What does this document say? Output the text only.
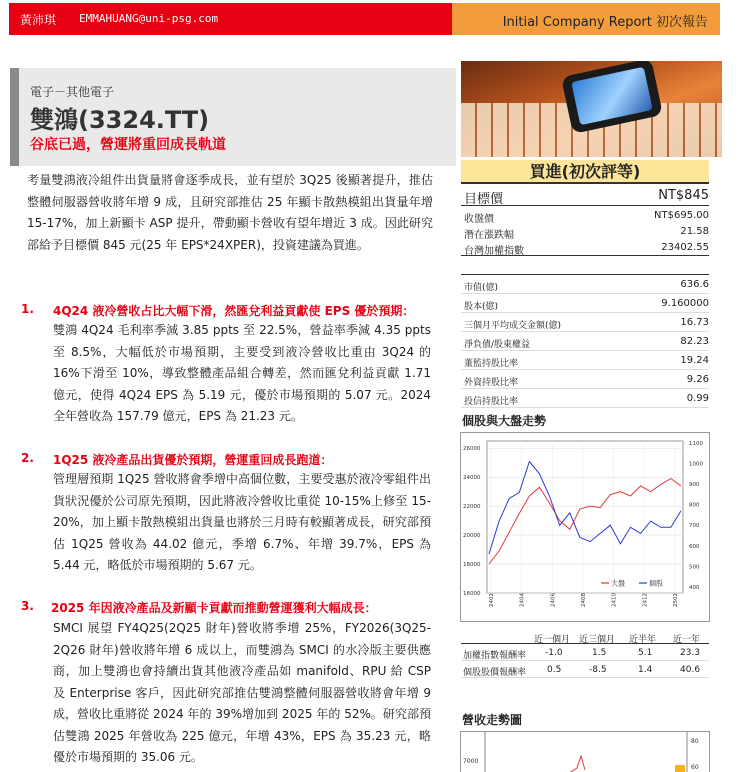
黃沛琪 EMMAHUANG@uni-psg.com	Initial Company Report 初次報告
電子－其他電子
雙鴻(3324.TT)
谷底已過，營運將重回成長軌道

考量雙鴻液冷組件出貨量將會逐季成長，並有望於 3Q25 後顯著提升，推估整體伺服器營收將年增 9 成，且研究部推估 25 年顯卡散熱模組出貨量年增 15-17%，加上新顯卡 ASP 提升，帶動顯卡營收有望年增近 3 成。因此研究部給予目標價 845 元(25 年 EPS*24XPER)，投資建議為買進。

1. 4Q24 液冷營收占比大幅下滑，然匯兌利益貢獻使 EPS 優於預期：

雙鴻 4Q24 毛利率季減 3.85 ppts 至 22.5%，營益率季減 4.35 ppts 至 8.5%，大幅低於市場預期，主要受到液冷營收比重由 3Q24 的 16%下滑至 10%，導致整體產品組合轉差，然而匯兌利益貢獻 1.71 億元，使得 4Q24 EPS 為 5.19 元，優於市場預期的 5.07 元。2024 全年營收為 157.79 億元，EPS 為 21.23 元。

2. 1Q25 液冷產品出貨優於預期，營運重回成長跑道：

管理層預期 1Q25 營收將會季增中高個位數，主要受惠於液冷零組件出貨狀況優於公司原先預期，因此將液冷營收比重從 10-15%上修至 15-20%，加上顯卡散熱模組出貨量也將於三月時有較顯著成長，研究部預估 1Q25 營收為 44.02 億元，季增 6.7%、年增 39.7%，EPS 為 5.44 元，略低於市場預期的 5.67 元。

3. 2025 年因液冷產品及新顯卡貢獻而推動營運獲利大幅成長：

SMCI 展望 FY4Q25(2Q25 財年)營收將季增 25%，FY2026(3Q25-2Q26 財年)營收將年增 6 成以上，而雙鴻為 SMCI 的水冷版主要供應商，加上雙鴻也會持續出貨其他液冷產品如 manifold、RPU 給 CSP 及 Enterprise 客戶，因此研究部推估雙鴻整體伺服器營收將會年增 9 成，營收比重將從 2024 年的 39%增加到 2025 年的 52%。研究部預估雙鴻 2025 年營收為 225 億元，年增 43%，EPS 為 35.23 元，略優於市場預期的 35.06 元。

買進(初次評等)
目標價	NT$845
收盤價	NT$695.00
潛在漲跌幅	21.58
台灣加權指數	23402.55
市值(億)	636.6
股本(億)	9.160000
三個月平均成交金額(億)	16.73
淨負債/股東權益	82.23
董監持股比率	19.24
外資持股比率	9.26
投信持股比率	0.99
個股與大盤走勢
16000
18000
20000
22000
24000
26000
400
500
600
700
800
900
1000
1100
2402	2404	2406	2408	2410	2412	2502
大盤	個股
近一個月 近三個月 近半年 近一年
加權指數報酬率 -1.0	1.5	5.1	23.3
個股股價報酬率 0.5	-8.5	1.4	40.6
營收走勢圖
7000
80
60
